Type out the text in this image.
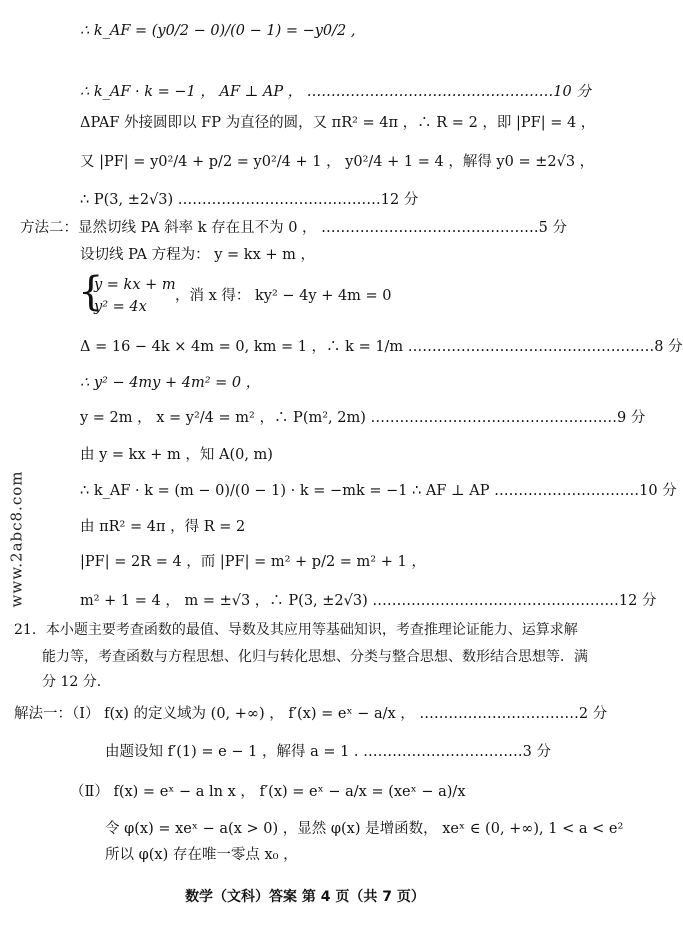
∴ k_AF = (y0/2 − 0)/(0 − 1) = −y0/2 ,
∴ k_AF · k = −1 ， AF ⊥ AP ， ……………………………………………10 分
ΔPAF 外接圆即以 FP 为直径的圆，又 πR² = 4π ，∴ R = 2 ，即 |PF| = 4 ，
又 |PF| = y0²/4 + p/2 = y0²/4 + 1 ， y0²/4 + 1 = 4 ，解得 y0 = ±2√3 ，
∴ P(3, ±2√3) ……………………………………12 分
方法二：显然切线 PA 斜率 k 存在且不为 0 ， ………………………………………5 分
设切线 PA 方程为： y = kx + m ，
{
y = kx + m
y² = 4x
，消 x 得： ky² − 4y + 4m = 0
Δ = 16 − 4k × 4m = 0, km = 1 ，∴ k = 1/m ……………………………………………8 分
∴ y² − 4my + 4m² = 0 ，
y = 2m ， x = y²/4 = m² ，∴ P(m², 2m) ……………………………………………9 分
由 y = kx + m ，知 A(0, m)
∴ k_AF · k = (m − 0)/(0 − 1) · k = −mk = −1 ∴ AF ⊥ AP …………………………10 分
由 πR² = 4π ，得 R = 2
|PF| = 2R = 4 ，而 |PF| = m² + p/2 = m² + 1 ，
m² + 1 = 4 ， m = ±√3 ，∴ P(3, ±2√3) ……………………………………………12 分
21．本小题主要考查函数的最值、导数及其应用等基础知识，考查推理论证能力、运算求解
能力等，考查函数与方程思想、化归与转化思想、分类与整合思想、数形结合思想等．满
分 12 分．
解法一：（Ⅰ） f(x) 的定义域为 (0, +∞) ， f′(x) = eˣ − a/x ， ……………………………2 分
由题设知 f′(1) = e − 1 ，解得 a = 1 . ……………………………3 分
（Ⅱ） f(x) = eˣ − a ln x ， f′(x) = eˣ − a/x = (xeˣ − a)/x
令 φ(x) = xeˣ − a(x > 0) ，显然 φ(x) 是增函数， xeˣ ∈ (0, +∞), 1 < a < e²
所以 φ(x) 存在唯一零点 x₀ ，
www.2abc8.com
数学（文科）答案 第 4 页（共 7 页）
